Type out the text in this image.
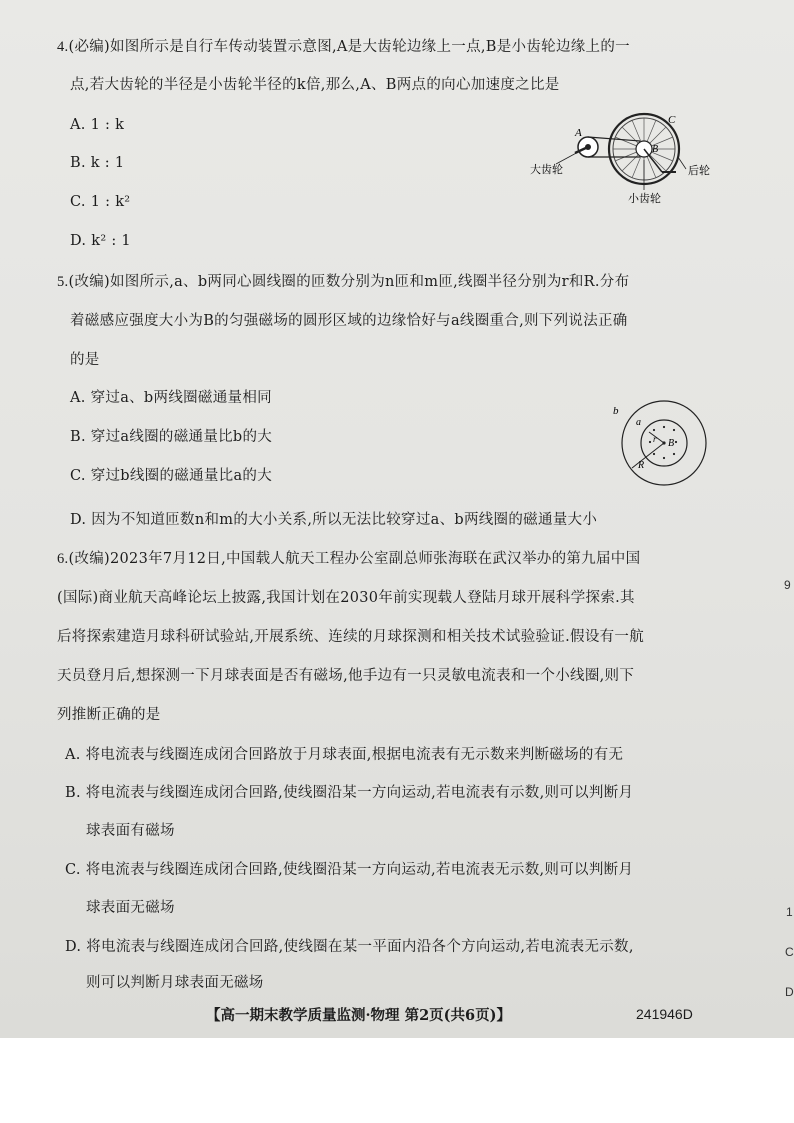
4.(必编)如图所示是自行车传动装置示意图,A是大齿轮边缘上一点,B是小齿轮边缘上的一
点,若大齿轮的半径是小齿轮半径的k倍,那么,A、B两点的向心加速度之比是
A. 1 : k
B. k : 1
C. 1 : k²
D. k² : 1
A
B
C
大齿轮
小齿轮
后轮
5.(改编)如图所示,a、b两同心圆线圈的匝数分别为n匝和m匝,线圈半径分别为r和R.分布
着磁感应强度大小为B的匀强磁场的圆形区域的边缘恰好与a线圈重合,则下列说法正确
的是
A. 穿过a、b两线圈磁通量相同
B. 穿过a线圈的磁通量比b的大
C. 穿过b线圈的磁通量比a的大
D. 因为不知道匝数n和m的大小关系,所以无法比较穿过a、b两线圈的磁通量大小
b
a
r
R
B
6.(改编)2023年7月12日,中国载人航天工程办公室副总师张海联在武汉举办的第九届中国
(国际)商业航天高峰论坛上披露,我国计划在2030年前实现载人登陆月球开展科学探索.其
后将探索建造月球科研试验站,开展系统、连续的月球探测和相关技术试验验证.假设有一航
天员登月后,想探测一下月球表面是否有磁场,他手边有一只灵敏电流表和一个小线圈,则下
列推断正确的是
A. 将电流表与线圈连成闭合回路放于月球表面,根据电流表有无示数来判断磁场的有无
B. 将电流表与线圈连成闭合回路,使线圈沿某一方向运动,若电流表有示数,则可以判断月
球表面有磁场
C. 将电流表与线圈连成闭合回路,使线圈沿某一方向运动,若电流表无示数,则可以判断月
球表面无磁场
D. 将电流表与线圈连成闭合回路,使线圈在某一平面内沿各个方向运动,若电流表无示数,
则可以判断月球表面无磁场
【高一期末教学质量监测·物理 第2页(共6页)】	241946D
9
1
C
D
